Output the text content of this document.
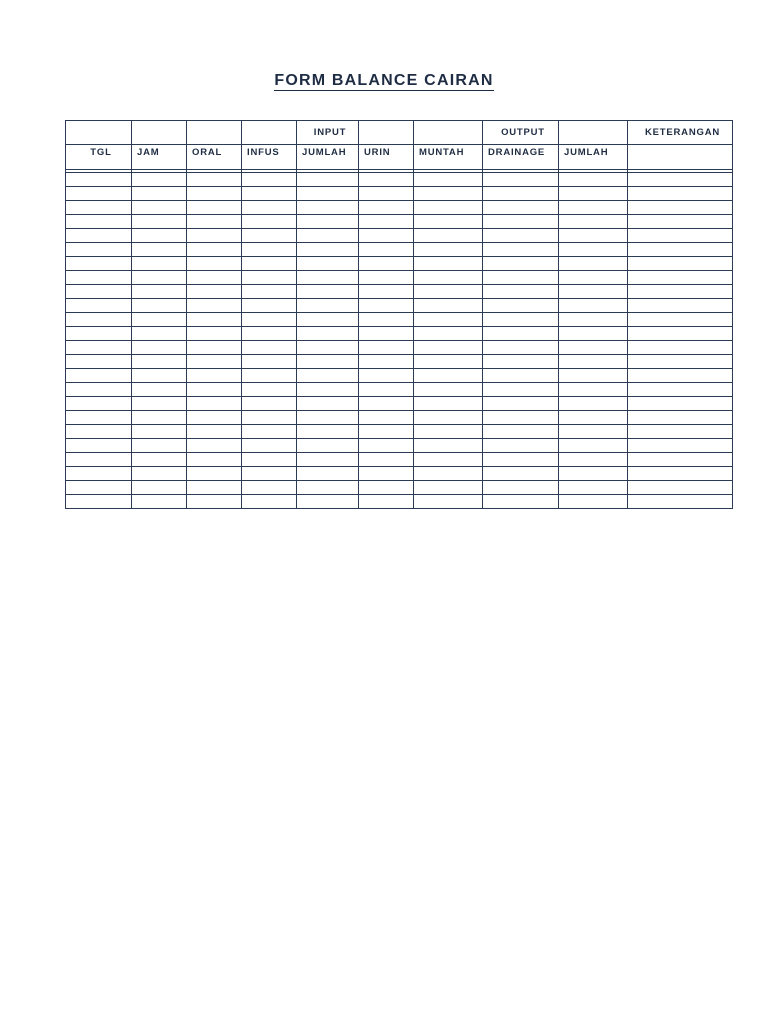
FORM BALANCE CAIRAN
				INPUT			OUTPUT		KETERANGAN
TGL	JAM	ORAL	INFUS	JUMLAH	URIN	MUNTAH	DRAINAGE	JUMLAH	
